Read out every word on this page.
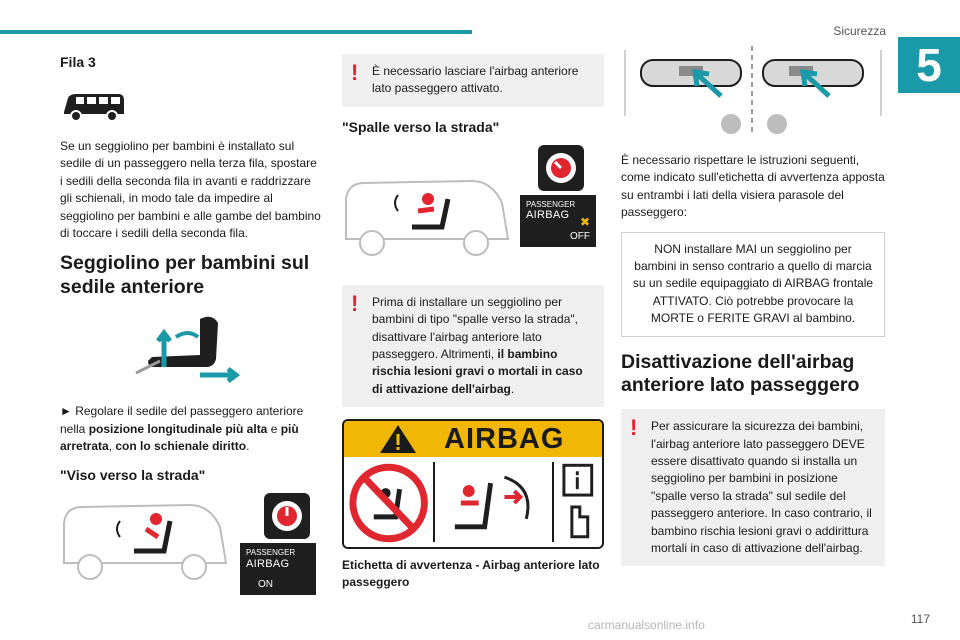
Sicurezza
5
Fila 3

Se un seggiolino per bambini è installato sul sedile di un passeggero nella terza fila, spostare i sedili della seconda fila in avanti e raddrizzare gli schienali, in modo tale da impedire al seggiolino per bambini e alle gambe del bambino di toccare i sedili della seconda fila.

Seggiolino per bambini sul sedile anteriore

► Regolare il sedile del passeggero anteriore nella posizione longitudinale più alta e più arretrata, con lo schienale diritto.

"Viso verso la strada"
PASSENGER
AIRBAG
ON
! È necessario lasciare l'airbag anteriore lato passeggero attivato.
"Spalle verso la strada"
PASSENGER
AIRBAG ✖
OFF
! Prima di installare un seggiolino per bambini di tipo "spalle verso la strada", disattivare l'airbag anteriore lato passeggero. Altrimenti, il bambino rischia lesioni gravi o mortali in caso di attivazione dell'airbag.
AIRBAG
Etichetta di avvertenza - Airbag anteriore lato passeggero

È necessario rispettare le istruzioni seguenti, come indicato sull'etichetta di avvertenza apposta su entrambi i lati della visiera parasole del passeggero:

NON installare MAI un seggiolino per bambini in senso contrario a quello di marcia su un sedile equipaggiato di AIRBAG frontale ATTIVATO. Ciò potrebbe provocare la MORTE o FERITE GRAVI al bambino.
Disattivazione dell'airbag anteriore lato passeggero
! Per assicurare la sicurezza dei bambini, l'airbag anteriore lato passeggero DEVE essere disattivato quando si installa un seggiolino per bambini in posizione "spalle verso la strada" sul sedile del passeggero anteriore. In caso contrario, il bambino rischia lesioni gravi o addirittura mortali in caso di attivazione dell'airbag.
carmanualsonline.info	117
